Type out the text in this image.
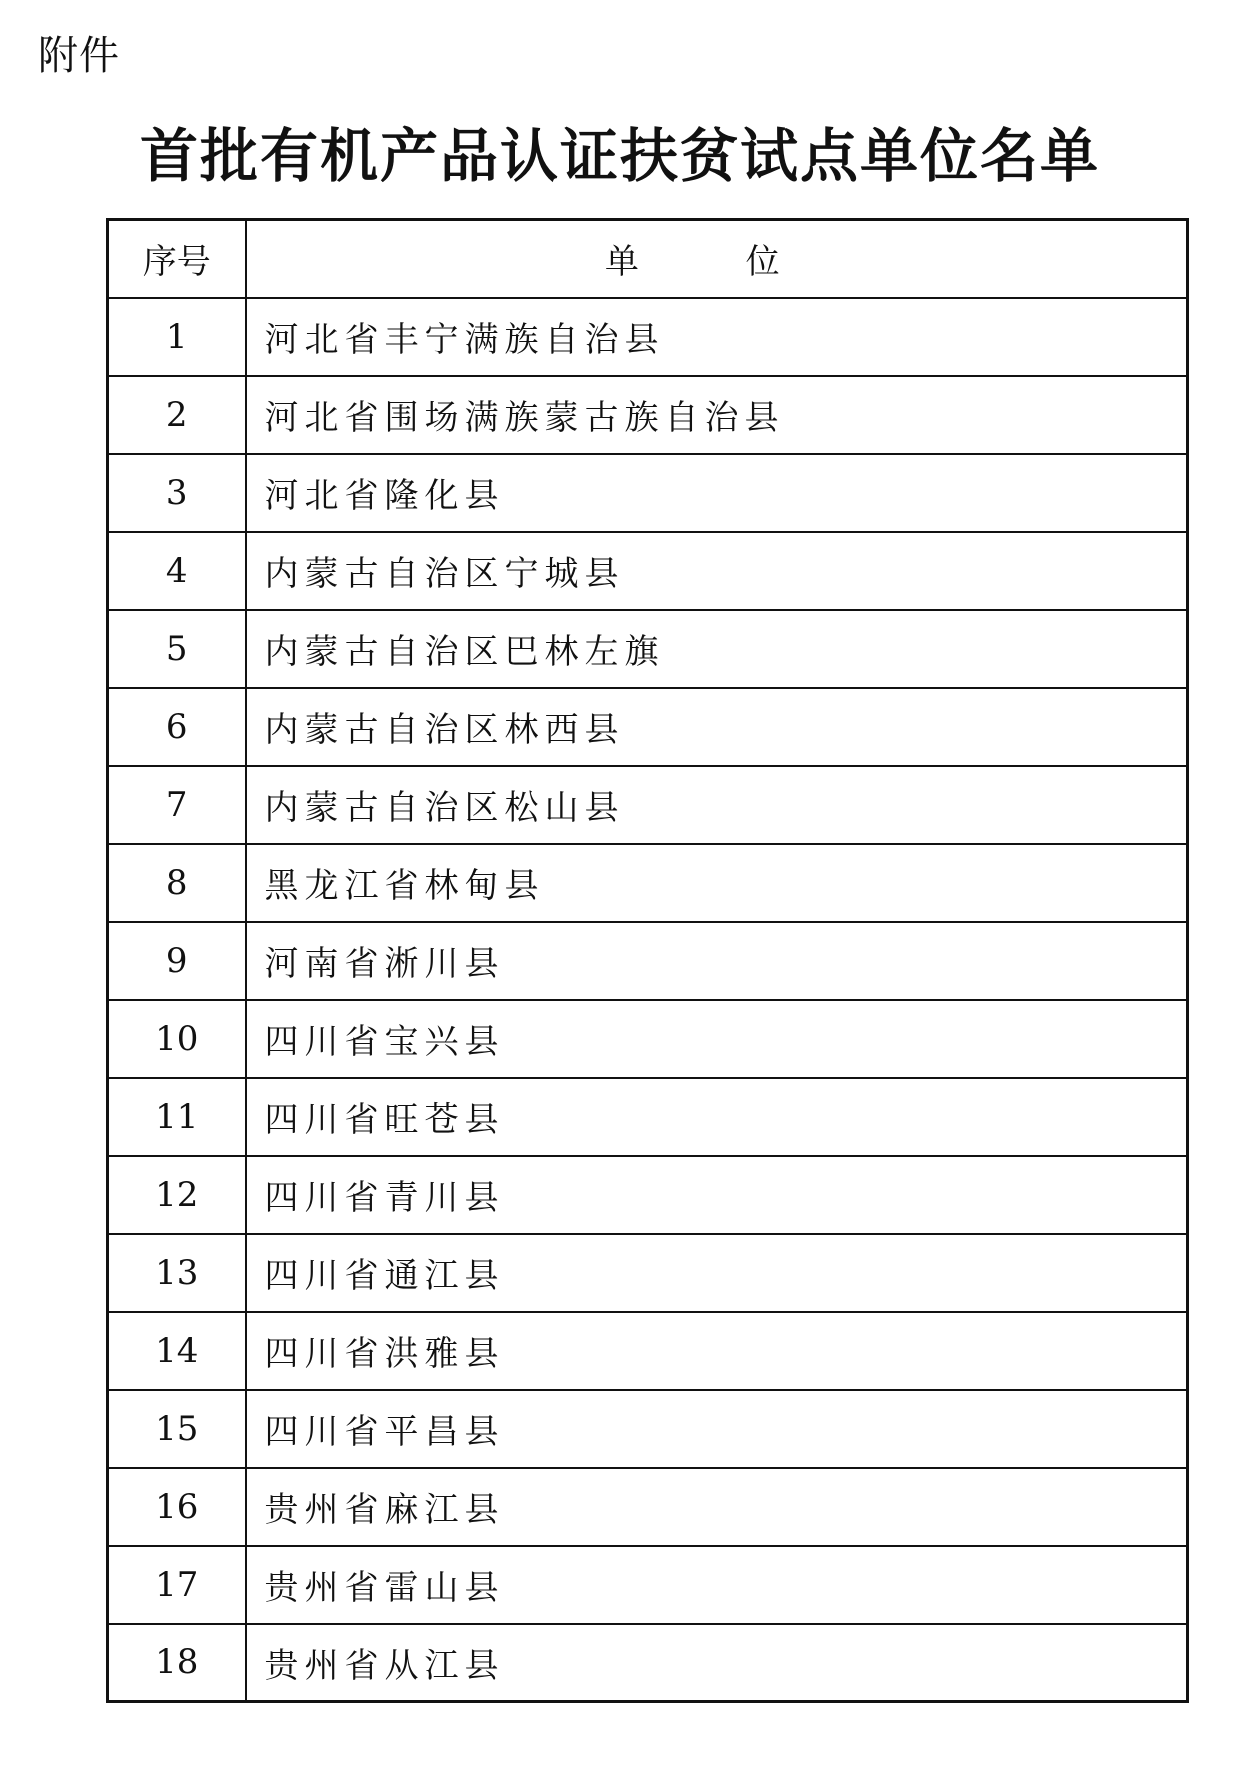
附件
首批有机产品认证扶贫试点单位名单
序号	单 位
1	河北省丰宁满族自治县
2	河北省围场满族蒙古族自治县
3	河北省隆化县
4	内蒙古自治区宁城县
5	内蒙古自治区巴林左旗
6	内蒙古自治区林西县
7	内蒙古自治区松山县
8	黑龙江省林甸县
9	河南省淅川县
10	四川省宝兴县
11	四川省旺苍县
12	四川省青川县
13	四川省通江县
14	四川省洪雅县
15	四川省平昌县
16	贵州省麻江县
17	贵州省雷山县
18	贵州省从江县
